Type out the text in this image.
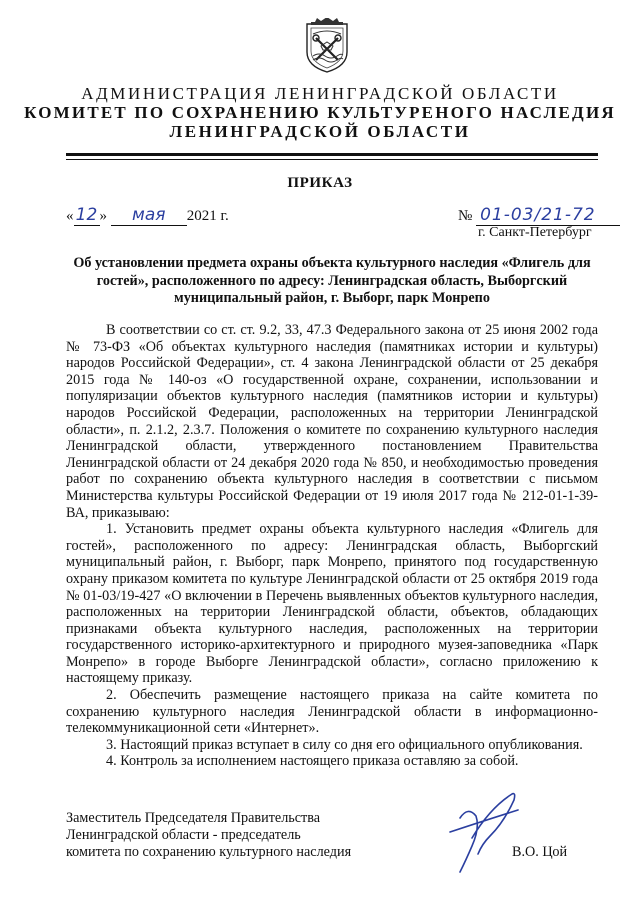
АДМИНИСТРАЦИЯ ЛЕНИНГРАДСКОЙ ОБЛАСТИ
КОМИТЕТ ПО СОХРАНЕНИЮ КУЛЬТУРЕНОГО НАСЛЕДИЯ
ЛЕНИНГРАДСКОЙ ОБЛАСТИ
ПРИКАЗ
« 12 » мая 2021 г.	№ 01-03/21-72
г. Санкт-Петербург
Об установлении предмета охраны объекта культурного наследия «Флигель для гостей», расположенного по адресу: Ленинградская область, Выборгский муниципальный район, г. Выборг, парк Монрепо

В соответствии со ст. ст. 9.2, 33, 47.3 Федерального закона от 25 июня 2002 года № 73-ФЗ «Об объектах культурного наследия (памятниках истории и культуры) народов Российской Федерации», ст. 4 закона Ленинградской области от 25 декабря 2015 года № 140-оз «О государственной охране, сохранении, использовании и популяризации объектов культурного наследия (памятников истории и культуры) народов Российской Федерации, расположенных на территории Ленинградской области», п. 2.1.2, 2.3.7. Положения о комитете по сохранению культурного наследия Ленинградской области, утвержденного постановлением Правительства Ленинградской области от 24 декабря 2020 года № 850, и необходимостью проведения работ по сохранению объекта культурного наследия в соответствии с письмом Министерства культуры Российской Федерации от 19 июля 2017 года № 212-01-1-39-ВА, приказываю:

1. Установить предмет охраны объекта культурного наследия «Флигель для гостей», расположенного по адресу: Ленинградская область, Выборгский муниципальный район, г. Выборг, парк Монрепо, принятого под государственную охрану приказом комитета по культуре Ленинградской области от 25 октября 2019 года № 01-03/19-427 «О включении в Перечень выявленных объектов культурного наследия, расположенных на территории Ленинградской области, объектов, обладающих признаками объекта культурного наследия, расположенных на территории государственного историко-архитектурного и природного музея-заповедника «Парк Монрепо» в городе Выборге Ленинградской области», согласно приложению к настоящему приказу.

2. Обеспечить размещение настоящего приказа на сайте комитета по сохранению культурного наследия Ленинградской области в информационно-телекоммуникационной сети «Интернет».

3. Настоящий приказ вступает в силу со дня его официального опубликования.

4. Контроль за исполнением настоящего приказа оставляю за собой.

Заместитель Председателя Правительства
Ленинградской области - председатель
комитета по сохранению культурного наследия	В.О. Цой
